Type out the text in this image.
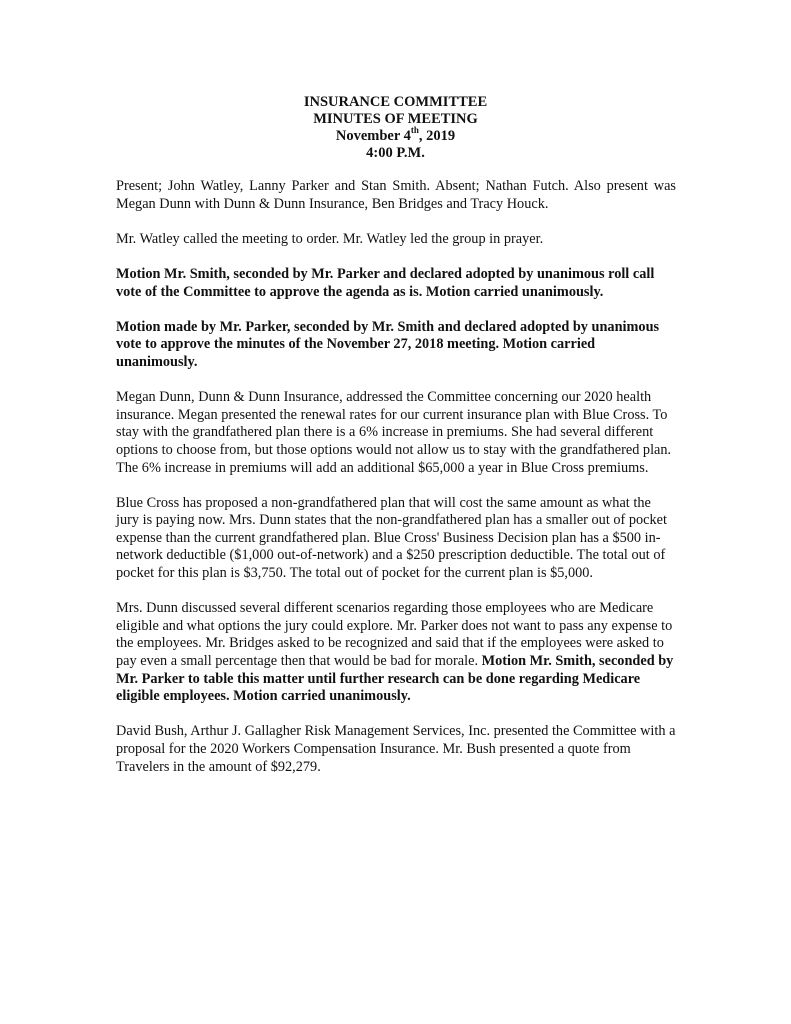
INSURANCE COMMITTEE
MINUTES OF MEETING
November 4th, 2019
4:00 P.M.

Present; John Watley, Lanny Parker and Stan Smith. Absent; Nathan Futch. Also present was Megan Dunn with Dunn & Dunn Insurance, Ben Bridges and Tracy Houck.

Mr. Watley called the meeting to order. Mr. Watley led the group in prayer.

Motion Mr. Smith, seconded by Mr. Parker and declared adopted by unanimous roll call vote of the Committee to approve the agenda as is. Motion carried unanimously.

Motion made by Mr. Parker, seconded by Mr. Smith and declared adopted by unanimous vote to approve the minutes of the November 27, 2018 meeting. Motion carried unanimously.

Megan Dunn, Dunn & Dunn Insurance, addressed the Committee concerning our 2020 health insurance. Megan presented the renewal rates for our current insurance plan with Blue Cross. To stay with the grandfathered plan there is a 6% increase in premiums. She had several different options to choose from, but those options would not allow us to stay with the grandfathered plan. The 6% increase in premiums will add an additional $65,000 a year in Blue Cross premiums.

Blue Cross has proposed a non-grandfathered plan that will cost the same amount as what the jury is paying now. Mrs. Dunn states that the non-grandfathered plan has a smaller out of pocket expense than the current grandfathered plan. Blue Cross' Business Decision plan has a $500 in-network deductible ($1,000 out-of-network) and a $250 prescription deductible. The total out of pocket for this plan is $3,750. The total out of pocket for the current plan is $5,000.

Mrs. Dunn discussed several different scenarios regarding those employees who are Medicare eligible and what options the jury could explore. Mr. Parker does not want to pass any expense to the employees. Mr. Bridges asked to be recognized and said that if the employees were asked to pay even a small percentage then that would be bad for morale. Motion Mr. Smith, seconded by Mr. Parker to table this matter until further research can be done regarding Medicare eligible employees. Motion carried unanimously.

David Bush, Arthur J. Gallagher Risk Management Services, Inc. presented the Committee with a proposal for the 2020 Workers Compensation Insurance. Mr. Bush presented a quote from Travelers in the amount of $92,279.
